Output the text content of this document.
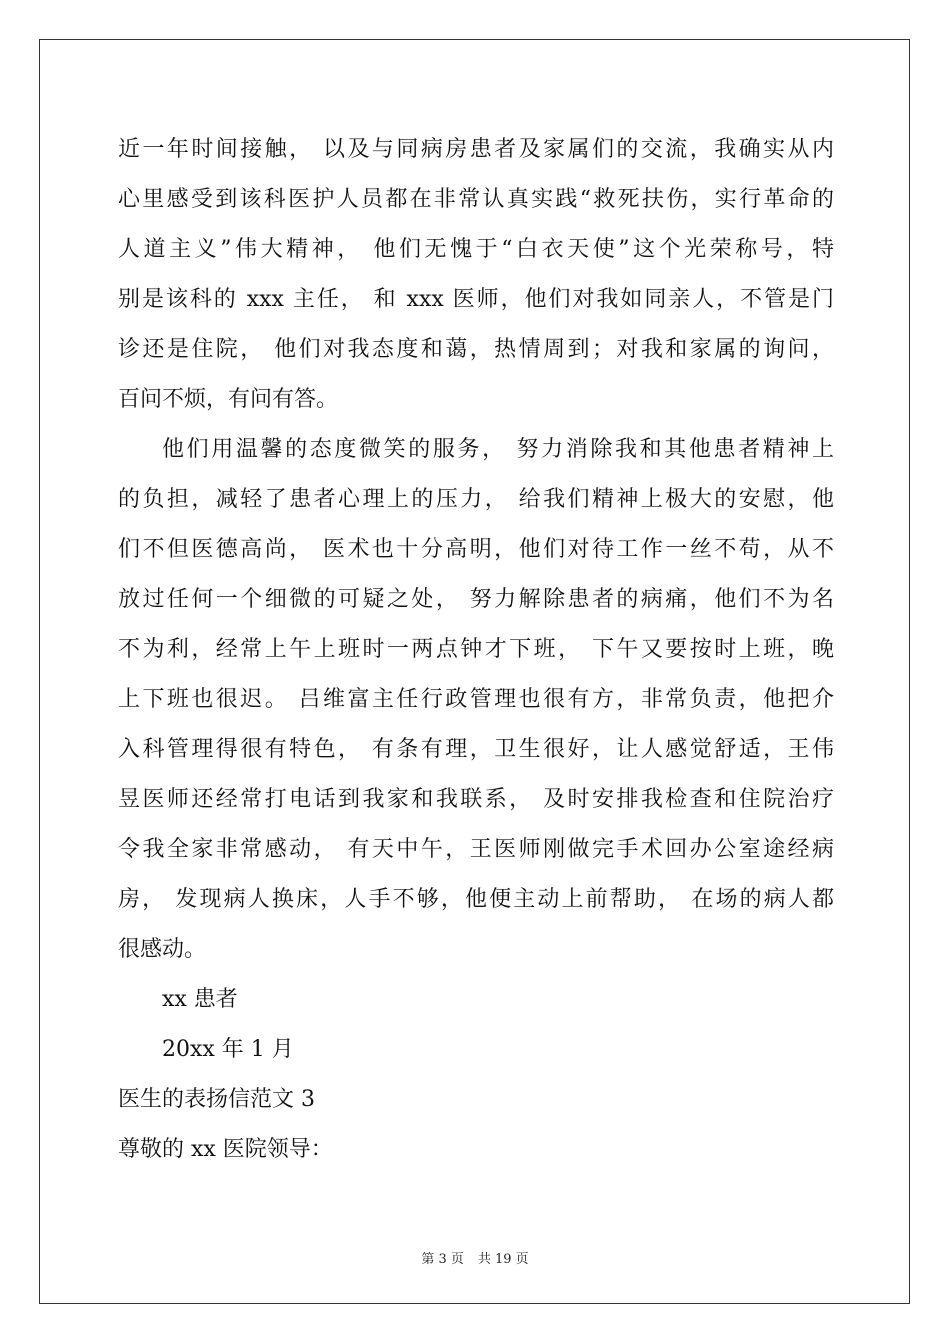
近一年时间接触， 以及与同病房患者及家属们的交流，我确实从内
心里感受到该科医护人员都在非常认真实践“救死扶伤，实行革命的
人道主义”伟大精神， 他们无愧于“白衣天使”这个光荣称号，特
别是该科的 xxx 主任， 和 xxx 医师，他们对我如同亲人，不管是门
诊还是住院， 他们对我态度和蔼，热情周到；对我和家属的询问，
百问不烦，有问有答。
他们用温馨的态度微笑的服务， 努力消除我和其他患者精神上
的负担，减轻了患者心理上的压力， 给我们精神上极大的安慰，他
们不但医德高尚， 医术也十分高明，他们对待工作一丝不苟，从不
放过任何一个细微的可疑之处， 努力解除患者的病痛，他们不为名
不为利，经常上午上班时一两点钟才下班， 下午又要按时上班，晚
上下班也很迟。 吕维富主任行政管理也很有方，非常负责，他把介
入科管理得很有特色， 有条有理，卫生很好，让人感觉舒适，王伟
昱医师还经常打电话到我家和我联系， 及时安排我检查和住院治疗
令我全家非常感动， 有天中午，王医师刚做完手术回办公室途经病
房， 发现病人换床，人手不够，他便主动上前帮助， 在场的病人都
很感动。
xx 患者
20xx 年 1 月
医生的表扬信范文 3
尊敬的 xx 医院领导：
第 3 页 共 19 页
